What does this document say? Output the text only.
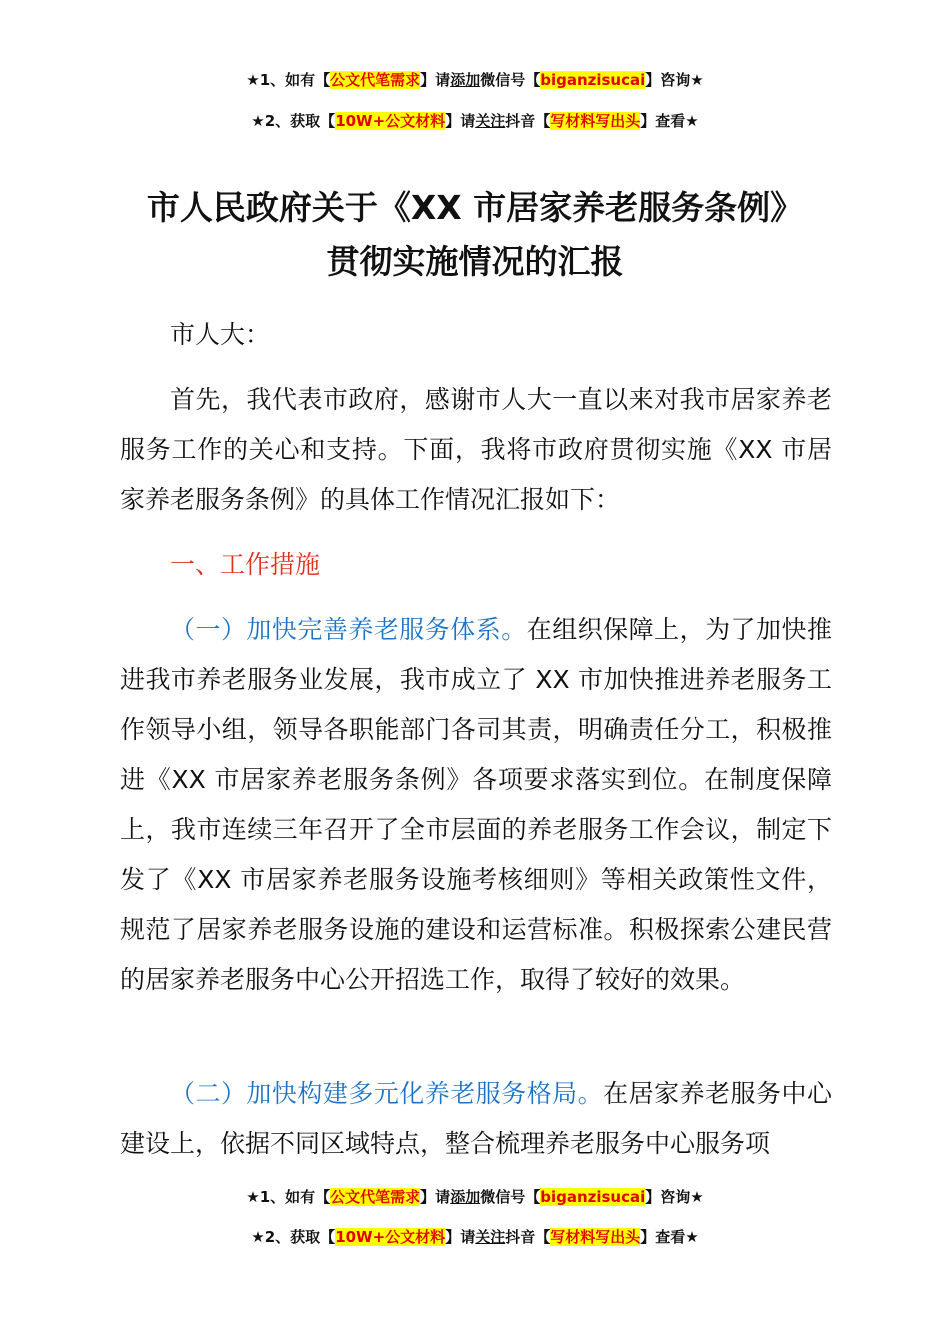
★1、如有【公文代笔需求】请添加微信号【biganzisucai】咨询★
★2、获取【10W+公文材料】请关注抖音【写材料写出头】查看★
市人民政府关于《XX 市居家养老服务条例》
贯彻实施情况的汇报

市人大：

首先，我代表市政府，感谢市人大一直以来对我市居家养老服务工作的关心和支持。下面，我将市政府贯彻实施《XX 市居家养老服务条例》的具体工作情况汇报如下：

一、工作措施

（一）加快完善养老服务体系。在组织保障上，为了加快推进我市养老服务业发展，我市成立了 XX 市加快推进养老服务工作领导小组，领导各职能部门各司其责，明确责任分工，积极推进《XX 市居家养老服务条例》各项要求落实到位。在制度保障上，我市连续三年召开了全市层面的养老服务工作会议，制定下发了《XX 市居家养老服务设施考核细则》等相关政策性文件，规范了居家养老服务设施的建设和运营标准。积极探索公建民营的居家养老服务中心公开招选工作，取得了较好的效果。

（二）加快构建多元化养老服务格局。在居家养老服务中心建设上，依据不同区域特点，整合梳理养老服务中心服务项

★1、如有【公文代笔需求】请添加微信号【biganzisucai】咨询★
★2、获取【10W+公文材料】请关注抖音【写材料写出头】查看★
